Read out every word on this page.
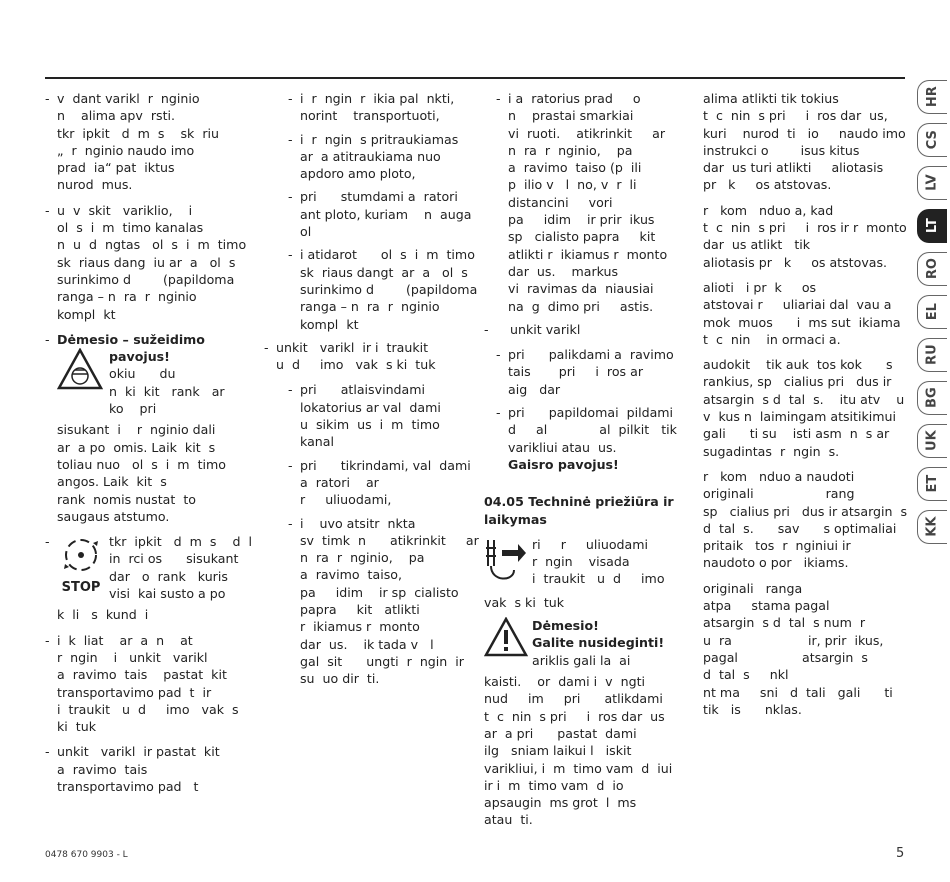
- v  dant varikl  r  nginio
n    alima apv  rsti.
tkr  ipkit   d  m  s    sk  riu
„  r  nginio naudo imo
prad  ia“ pat  iktus
nurod  mus.
- u  v  skit   variklio,    i
ol  s  i  m  timo kanalas
n  u  d  ngtas   ol  s  i  m  timo
sk  riaus dang  iu ar  a   ol  s
surinkimo d        (papildoma
ranga – n  ra  r  nginio
kompl  kt
- Dėmesio – sužeidimo
pavojus!
okiu      du
n  ki  kit   rank   ar
ko    pri
sisukant  i    r  nginio dali
ar  a po  omis. Laik  kit  s
toliau nuo   ol  s  i  m  timo
angos. Laik  kit  s
rank  nomis nustat  to
saugaus atstumo.
-
STOP
tkr  ipkit   d  m  s    d  l
in  rci os      sisukant
dar   o  rank   kuris
visi  kai susto a po
k  li   s  kund  i
- i  k  liat    ar  a  n    at
r  ngin    i   unkit   varikl
a  ravimo  tais    pastat  kit
transportavimo pad  t  ir
i  traukit   u  d     imo   vak  s
ki  tuk
- unkit   varikl  ir pastat  kit
a  ravimo  tais
transportavimo pad   t
- i  r  ngin  r  ikia pal  nkti,
norint    transportuoti,
- i  r  ngin  s pritraukiamas
ar  a atitraukiama nuo
apdoro amo ploto,
- pri      stumdami a  ratori
ant ploto, kuriam    n  auga
ol
- i atidarot      ol  s  i  m  timo
sk  riaus dangt  ar  a   ol  s
surinkimo d        (papildoma
ranga – n  ra  r  nginio
kompl  kt
- unkit   varikl  ir i  traukit
u  d     imo   vak  s ki  tuk
- pri      atlaisvindami
lokatorius ar val  dami
u  sikim  us  i  m  timo
kanal
- pri      tikrindami, val  dami
a  ratori    ar
r     uliuodami,
- i    uvo atsitr  nkta
sv  timk  n      atikrinkit     ar
n  ra  r  nginio,    pa
a  ravimo  taiso,
pa     idim    ir sp  cialisto
papra     kit   atlikti
r  ikiamus r  monto
dar  us.    ik tada v   l
gal  sit      ungti  r  ngin  ir
su  uo dir  ti.
- i a  ratorius prad     o
n    prastai smarkiai
vi  ruoti.    atikrinkit     ar
n  ra  r  nginio,    pa
a  ravimo  taiso (p  ili
p  ilio v   l  no, v  r  li
distancini     vori
pa     idim    ir prir  ikus
sp   cialisto papra     kit
atlikti r  ikiamus r  monto
dar  us.    markus
vi  ravimas da  niausiai
na  g  dimo pri     astis.
-	unkit varikl
- pri      palikdami a  ravimo
tais       pri     i  ros ar
aig   dar
- pri      papildomai  pildami
d     al             al  pilkit   tik
varikliui atau  us.
Gaisro pavojus!
04.05 Techninė priežiūra ir laikymas
ri     r     uliuodami
r  ngin    visada
i  traukit   u  d     imo
vak  s ki  tuk
Dėmesio!
Galite nusideginti!
ariklis gali la  ai
kaisti.    or  dami i  v  ngti
nud     im     pri      atlikdami
t  c  nin  s pri     i  ros dar  us
ar  a pri      pastat  dami
ilg   sniam laikui l   iskit
varikliui, i  m  timo vam  d  iui
ir i  m  timo vam  d  io
apsaugin  ms grot  l  ms
atau  ti.

alima atlikti tik tokius
t  c  nin  s pri     i  ros dar  us,
kuri    nurod  ti   io     naudo imo
instrukci o        isus kitus
dar  us turi atlikti     aliotasis
pr   k     os atstovas.

r   kom   nduo a, kad
t  c  nin  s pri     i  ros ir r  monto
dar  us atlikt   tik
aliotasis pr   k     os atstovas.

alioti   i pr  k     os
atstovai r     uliariai dal  vau a
mok  muos      i  ms sut  ikiama
t  c  nin    in ormaci a.

audokit    tik auk  tos kok      s
rankius, sp   cialius pri   dus ir
atsargin  s d  tal  s.    itu atv    u
v  kus n  laimingam atsitikimui
gali      ti su    isti asm  n  s ar
sugadintas  r  ngin  s.

r   kom   nduo a naudoti
originali                  rang
sp   cialius pri   dus ir atsargin  s
d  tal  s.      sav      s optimaliai
pritaik   tos  r  nginiui ir
naudoto o por   ikiams.

originali   ranga
atpa     stama pagal
atsargin  s d  tal  s num  r
u  ra                   ir, prir  ikus,
pagal                atsargin  s
d  tal  s     nkl
nt ma     sni   d  tali   gali      ti
tik   is      nklas.

HR
CS
LV
LT
RO
EL
RU
BG
UK
ET
KK
0478 670 9903 - L	5
